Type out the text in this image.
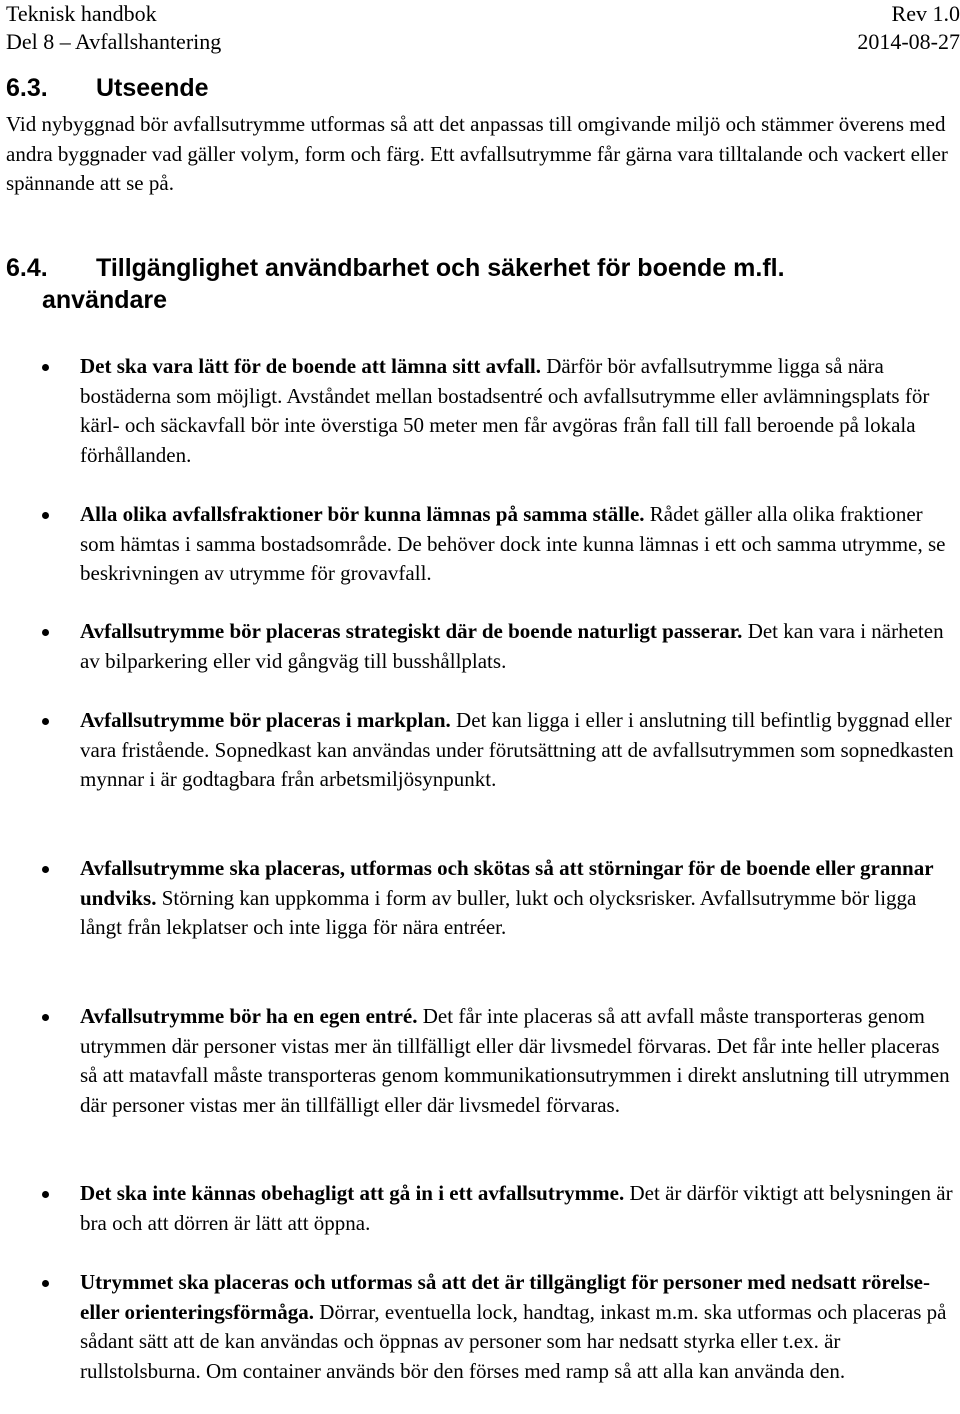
Teknisk handbok	Rev 1.0
Del 8 – Avfallshantering	2014-08-27
6.3. Utseende
Vid nybyggnad bör avfallsutrymme utformas så att det anpassas till omgivande miljö och stämmer överens med andra byggnader vad gäller volym, form och färg. Ett avfallsutrymme får gärna vara tilltalande och vackert eller spännande att se på.
6.4. Tillgänglighet användbarhet och säkerhet för boende m.fl.
användare
Det ska vara lätt för de boende att lämna sitt avfall. Därför bör avfallsutrymme ligga så nära bostäderna som möjligt. Avståndet mellan bostadsentré och avfallsutrymme eller avlämningsplats för kärl- och säckavfall bör inte överstiga 50 meter men får avgöras från fall till fall beroende på lokala förhållanden.
Alla olika avfallsfraktioner bör kunna lämnas på samma ställe. Rådet gäller alla olika fraktioner som hämtas i samma bostadsområde. De behöver dock inte kunna lämnas i ett och samma utrymme, se beskrivningen av utrymme för grovavfall.
Avfallsutrymme bör placeras strategiskt där de boende naturligt passerar. Det kan vara i närheten av bilparkering eller vid gångväg till busshållplats.
Avfallsutrymme bör placeras i markplan. Det kan ligga i eller i anslutning till befintlig byggnad eller vara fristående. Sopnedkast kan användas under förutsättning att de avfallsutrymmen som sopnedkasten mynnar i är godtagbara från arbetsmiljösynpunkt.
Avfallsutrymme ska placeras, utformas och skötas så att störningar för de boende eller grannar undviks. Störning kan uppkomma i form av buller, lukt och olycksrisker. Avfallsutrymme bör ligga långt från lekplatser och inte ligga för nära entréer.
Avfallsutrymme bör ha en egen entré. Det får inte placeras så att avfall måste transporteras genom utrymmen där personer vistas mer än tillfälligt eller där livsmedel förvaras. Det får inte heller placeras så att matavfall måste transporteras genom kommunikationsutrymmen i direkt anslutning till utrymmen där personer vistas mer än tillfälligt eller där livsmedel förvaras.
Det ska inte kännas obehagligt att gå in i ett avfallsutrymme. Det är därför viktigt att belysningen är bra och att dörren är lätt att öppna.
Utrymmet ska placeras och utformas så att det är tillgängligt för personer med nedsatt rörelse- eller orienteringsförmåga. Dörrar, eventuella lock, handtag, inkast m.m. ska utformas och placeras på sådant sätt att de kan användas och öppnas av personer som har nedsatt styrka eller t.ex. är rullstolsburna. Om container används bör den förses med ramp så att alla kan använda den.
